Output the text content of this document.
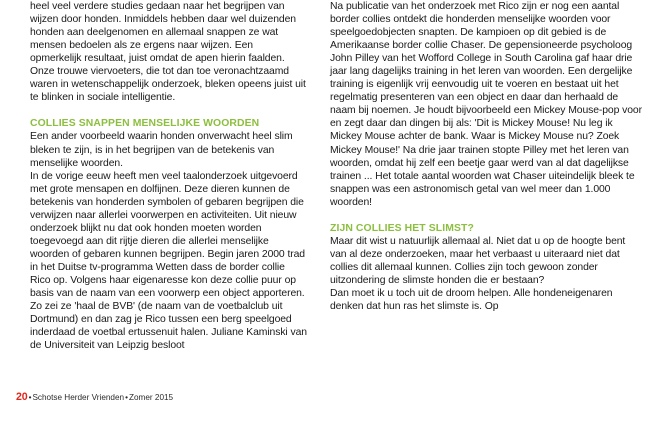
heel veel verdere studies gedaan naar het begrijpen van wijzen door honden. Inmiddels hebben daar wel duizenden honden aan deelgenomen en allemaal snappen ze wat mensen bedoelen als ze ergens naar wijzen. Een opmerkelijk resultaat, juist omdat de apen hierin faalden. Onze trouwe viervoeters, die tot dan toe veronachtzaamd waren in wetenschappelijk onderzoek, bleken opeens juist uit te blinken in sociale intelligentie.

COLLIES SNAPPEN MENSELIJKE WOORDEN

Een ander voorbeeld waarin honden onverwacht heel slim bleken te zijn, is in het begrijpen van de betekenis van menselijke woorden.

In de vorige eeuw heeft men veel taalonderzoek uitgevoerd met grote mensapen en dolfijnen. Deze dieren kunnen de betekenis van honderden symbolen of gebaren begrijpen die verwijzen naar allerlei voorwerpen en activiteiten. Uit nieuw onderzoek blijkt nu dat ook honden moeten worden toegevoegd aan dit rijtje dieren die allerlei menselijke woorden of gebaren kunnen begrijpen. Begin jaren 2000 trad in het Duitse tv-programma Wetten dass de border collie Rico op. Volgens haar eigenaresse kon deze collie puur op basis van de naam van een voorwerp een object apporteren. Zo zei ze 'haal de BVB' (de naam van de voetbalclub uit Dortmund) en dan zag je Rico tussen een berg speelgoed inderdaad de voetbal ertussenuit halen. Juliane Kaminski van de Universiteit van Leipzig besloot

Na publicatie van het onderzoek met Rico zijn er nog een aantal border collies ontdekt die honderden menselijke woorden voor speelgoedobjecten snapten. De kampioen op dit gebied is de Amerikaanse border collie Chaser. De gepensioneerde psycholoog John Pilley van het Wofford College in South Carolina gaf haar drie jaar lang dagelijks training in het leren van woorden. Een dergelijke training is eigenlijk vrij eenvoudig uit te voeren en bestaat uit het regelmatig presenteren van een object en daar dan herhaald de naam bij noemen. Je houdt bijvoorbeeld een Mickey Mouse-pop voor en zegt daar dan dingen bij als: 'Dit is Mickey Mouse! Nu leg ik Mickey Mouse achter de bank. Waar is Mickey Mouse nu? Zoek Mickey Mouse!' Na drie jaar trainen stopte Pilley met het leren van woorden, omdat hij zelf een beetje gaar werd van al dat dagelijkse trainen ... Het totale aantal woorden wat Chaser uiteindelijk bleek te snappen was een astronomisch getal van wel meer dan 1.000 woorden!

ZIJN COLLIES HET SLIMST?

Maar dit wist u natuurlijk allemaal al. Niet dat u op de hoogte bent van al deze onderzoeken, maar het verbaast u uiteraard niet dat collies dit allemaal kunnen. Collies zijn toch gewoon zonder uitzondering de slimste honden die er bestaan?

Dan moet ik u toch uit de droom helpen. Alle hondeneigenaren denken dat hun ras het slimste is. Op

20•Schotse Herder Vrienden•Zomer 2015
